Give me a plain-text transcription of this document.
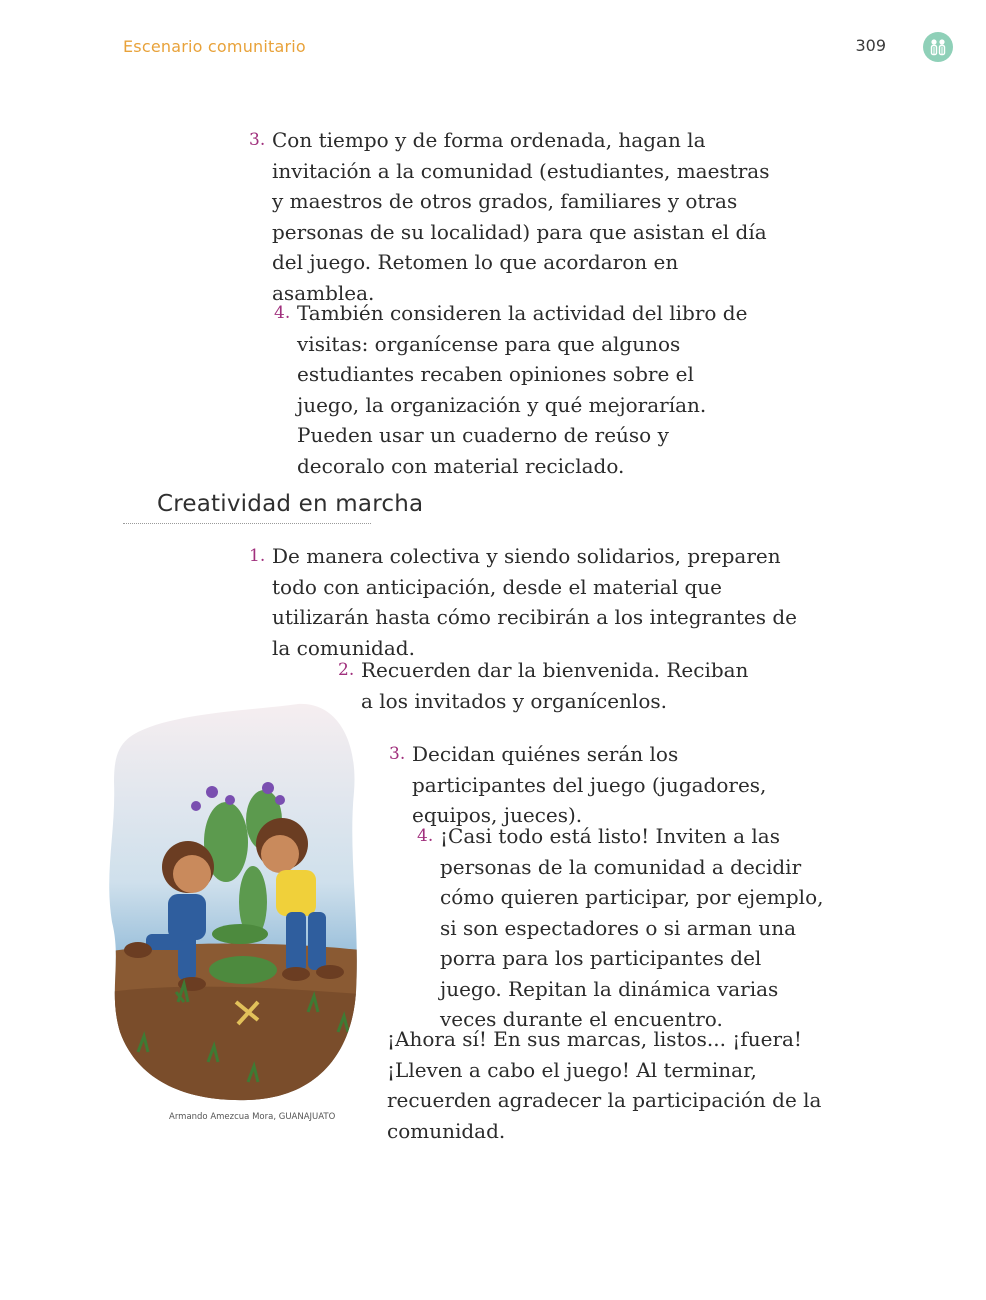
Escenario comunitario	309
3. Con tiempo y de forma ordenada, hagan la invitación a la comunidad (estudiantes, maestras y maestros de otros grados, familiares y otras personas de su localidad) para que asistan el día del juego. Retomen lo que acordaron en asamblea.
4. También consideren la actividad del libro de visitas: organícense para que algunos estudiantes recaben opiniones sobre el juego, la organización y qué mejorarían. Pueden usar un cuaderno de reúso y decoralo con material reciclado.
Creatividad en marcha
1. De manera colectiva y siendo solidarios, preparen todo con anticipación, desde el material que utilizarán hasta cómo recibirán a los integrantes de la comunidad.
2. Recuerden dar la bienvenida. Reciban a los invitados y organícenlos.
3. Decidan quiénes serán los participantes del juego (jugadores, equipos, jueces).
4. ¡Casi todo está listo! Inviten a las personas de la comunidad a decidir cómo quieren participar, por ejemplo, si son espectadores o si arman una porra para los participantes del juego. Repitan la dinámica varias veces durante el encuentro.
¡Ahora sí! En sus marcas, listos... ¡fuera! ¡Lleven a cabo el juego! Al terminar, recuerden agradecer la participación de la comunidad.
Armando Amezcua Mora, GUANAJUATO
